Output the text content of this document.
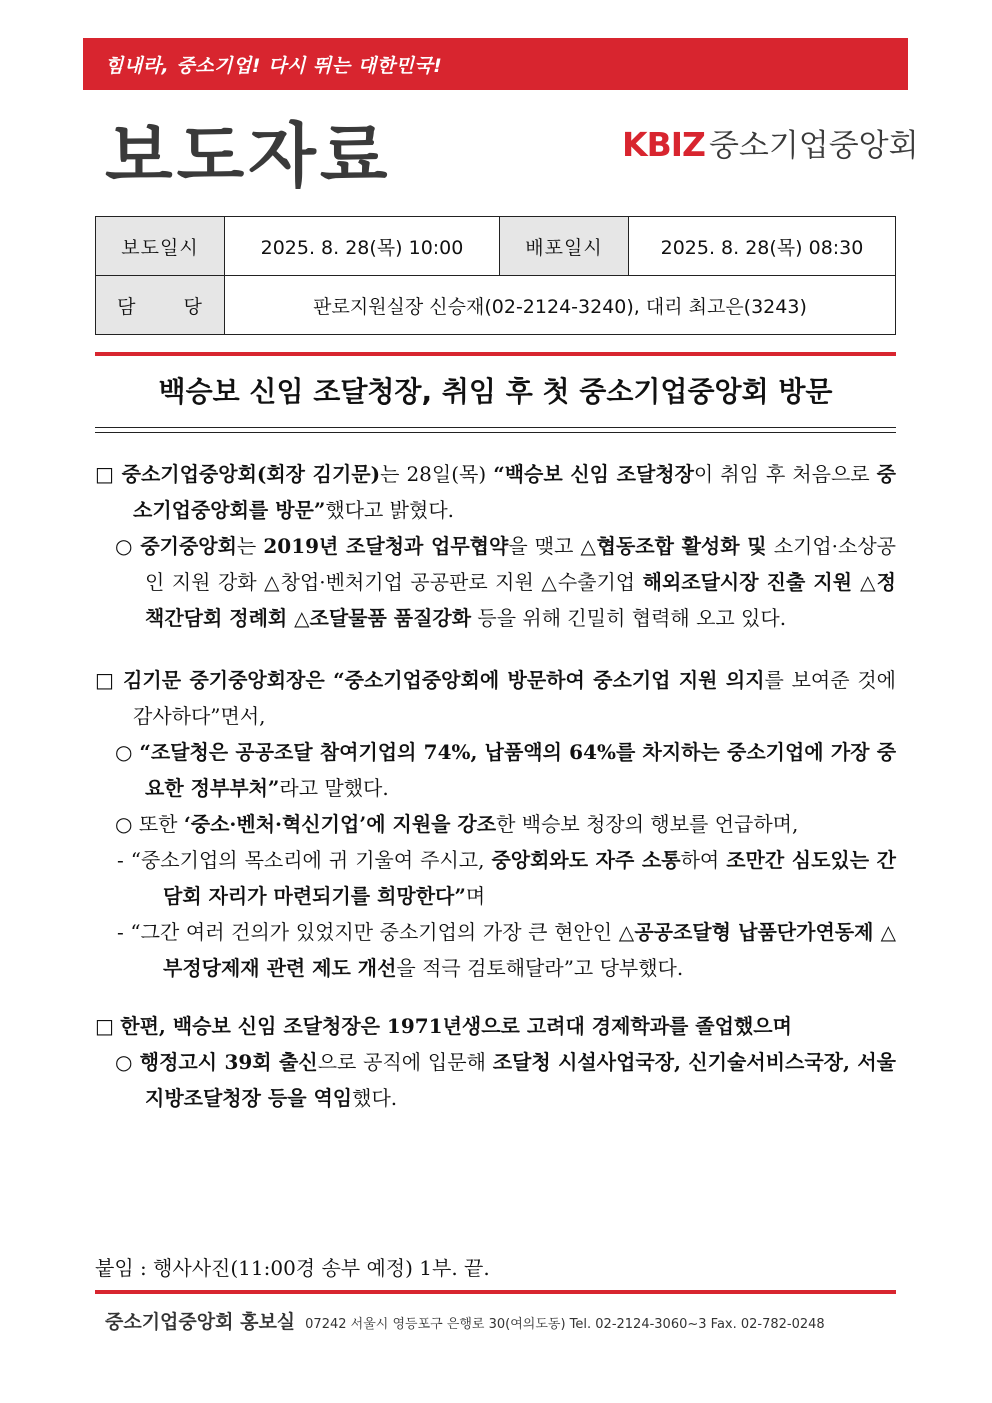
힘내라, 중소기업! 다시 뛰는 대한민국!
보도자료	KBIZ 중소기업중앙회
보도일시	2025. 8. 28(목) 10:00	배포일시	2025. 8. 28(목) 08:30
담 당	판로지원실장 신승재(02-2124-3240), 대리 최고은(3243)		
백승보 신임 조달청장, 취임 후 첫 중소기업중앙회 방문

□ 중소기업중앙회(회장 김기문)는 28일(목) “백승보 신임 조달청장이 취임 후 처음으로 중소기업중앙회를 방문”했다고 밝혔다.

○ 중기중앙회는 2019년 조달청과 업무협약을 맺고 △협동조합 활성화 및 소기업·소상공인 지원 강화 △창업·벤처기업 공공판로 지원 △수출기업 해외조달시장 진출 지원 △정책간담회 정례회 △조달물품 품질강화 등을 위해 긴밀히 협력해 오고 있다.

□ 김기문 중기중앙회장은 “중소기업중앙회에 방문하여 중소기업 지원 의지를 보여준 것에 감사하다”면서,

○ “조달청은 공공조달 참여기업의 74%, 납품액의 64%를 차지하는 중소기업에 가장 중요한 정부부처”라고 말했다.

○ 또한 ‘중소·벤처·혁신기업’에 지원을 강조한 백승보 청장의 행보를 언급하며,

- “중소기업의 목소리에 귀 기울여 주시고, 중앙회와도 자주 소통하여 조만간 심도있는 간담회 자리가 마련되기를 희망한다”며

- “그간 여러 건의가 있었지만 중소기업의 가장 큰 현안인 △공공조달형 납품단가연동제 △부정당제재 관련 제도 개선을 적극 검토해달라”고 당부했다.

□ 한편, 백승보 신임 조달청장은 1971년생으로 고려대 경제학과를 졸업했으며

○ 행정고시 39회 출신으로 공직에 입문해 조달청 시설사업국장, 신기술서비스국장, 서울지방조달청장 등을 역임했다.

붙임 : 행사사진(11:00경 송부 예정) 1부. 끝.
중소기업중앙회 홍보실 07242 서울시 영등포구 은행로 30(여의도동) Tel. 02-2124-3060~3 Fax. 02-782-0248
